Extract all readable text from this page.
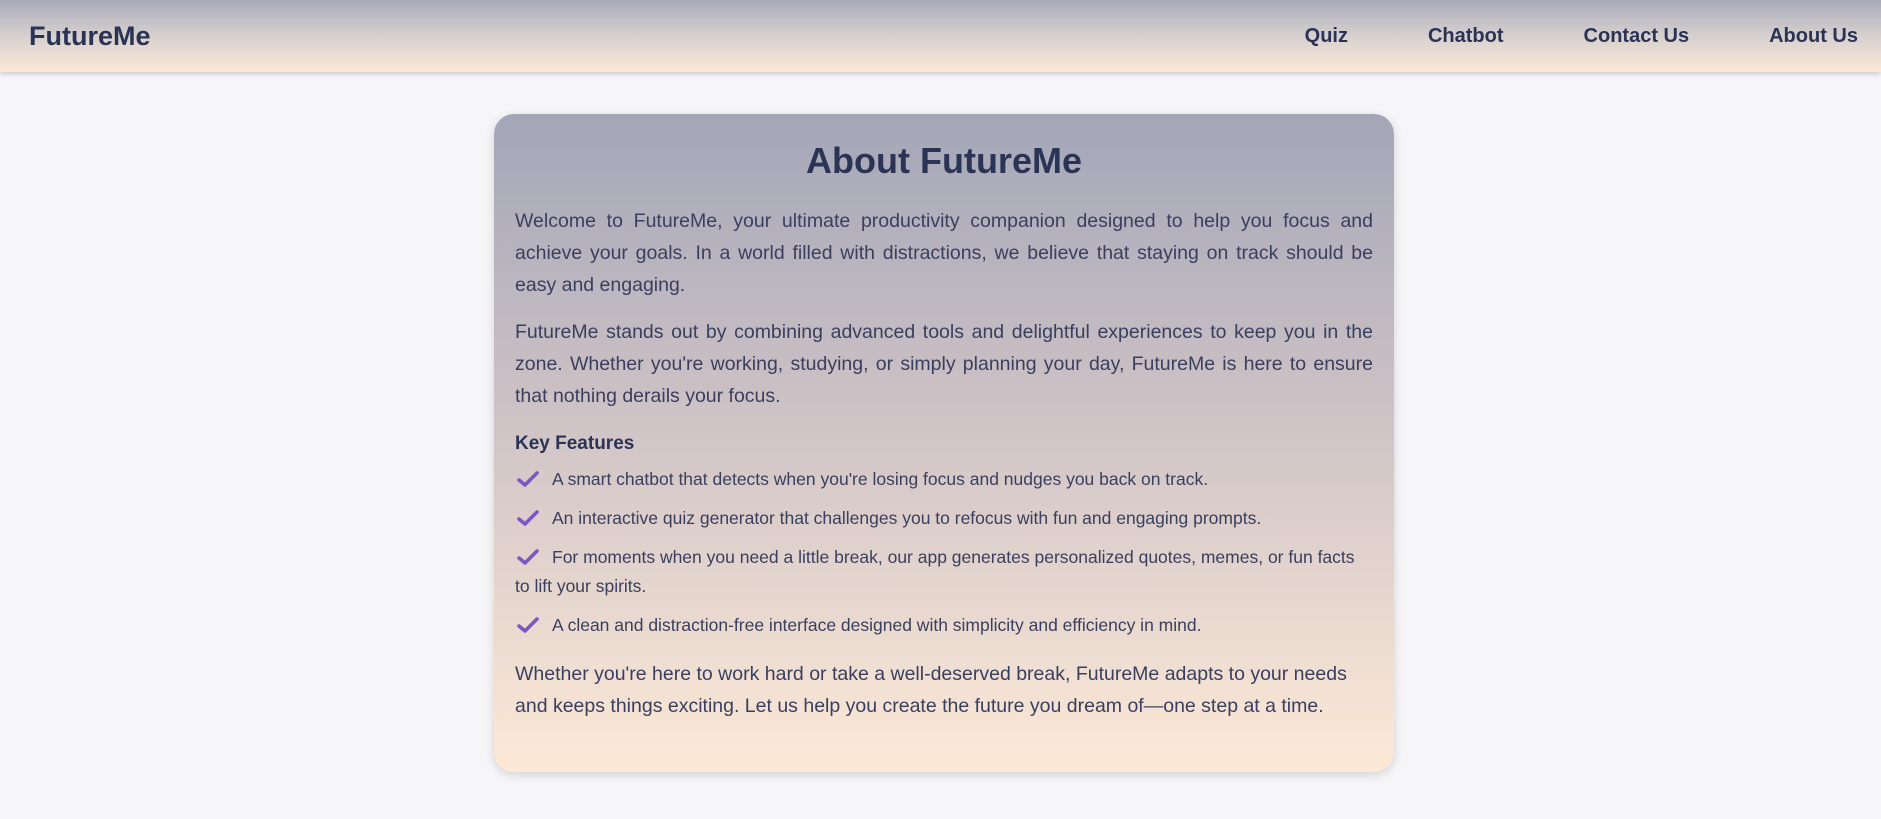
FutureMe	Quiz	Chatbot	Contact Us	About Us
About FutureMe

Welcome to FutureMe, your ultimate productivity companion designed to help you focus and achieve your goals. In a world filled with distractions, we believe that staying on track should be easy and engaging.

FutureMe stands out by combining advanced tools and delightful experiences to keep you in the zone. Whether you're working, studying, or simply planning your day, FutureMe is here to ensure that nothing derails your focus.

Key Features
A smart chatbot that detects when you're losing focus and nudges you back on track.
An interactive quiz generator that challenges you to refocus with fun and engaging prompts.
For moments when you need a little break, our app generates personalized quotes, memes, or fun facts to lift your spirits.
A clean and distraction-free interface designed with simplicity and efficiency in mind.

Whether you're here to work hard or take a well-deserved break, FutureMe adapts to your needs and keeps things exciting. Let us help you create the future you dream of—one step at a time.
